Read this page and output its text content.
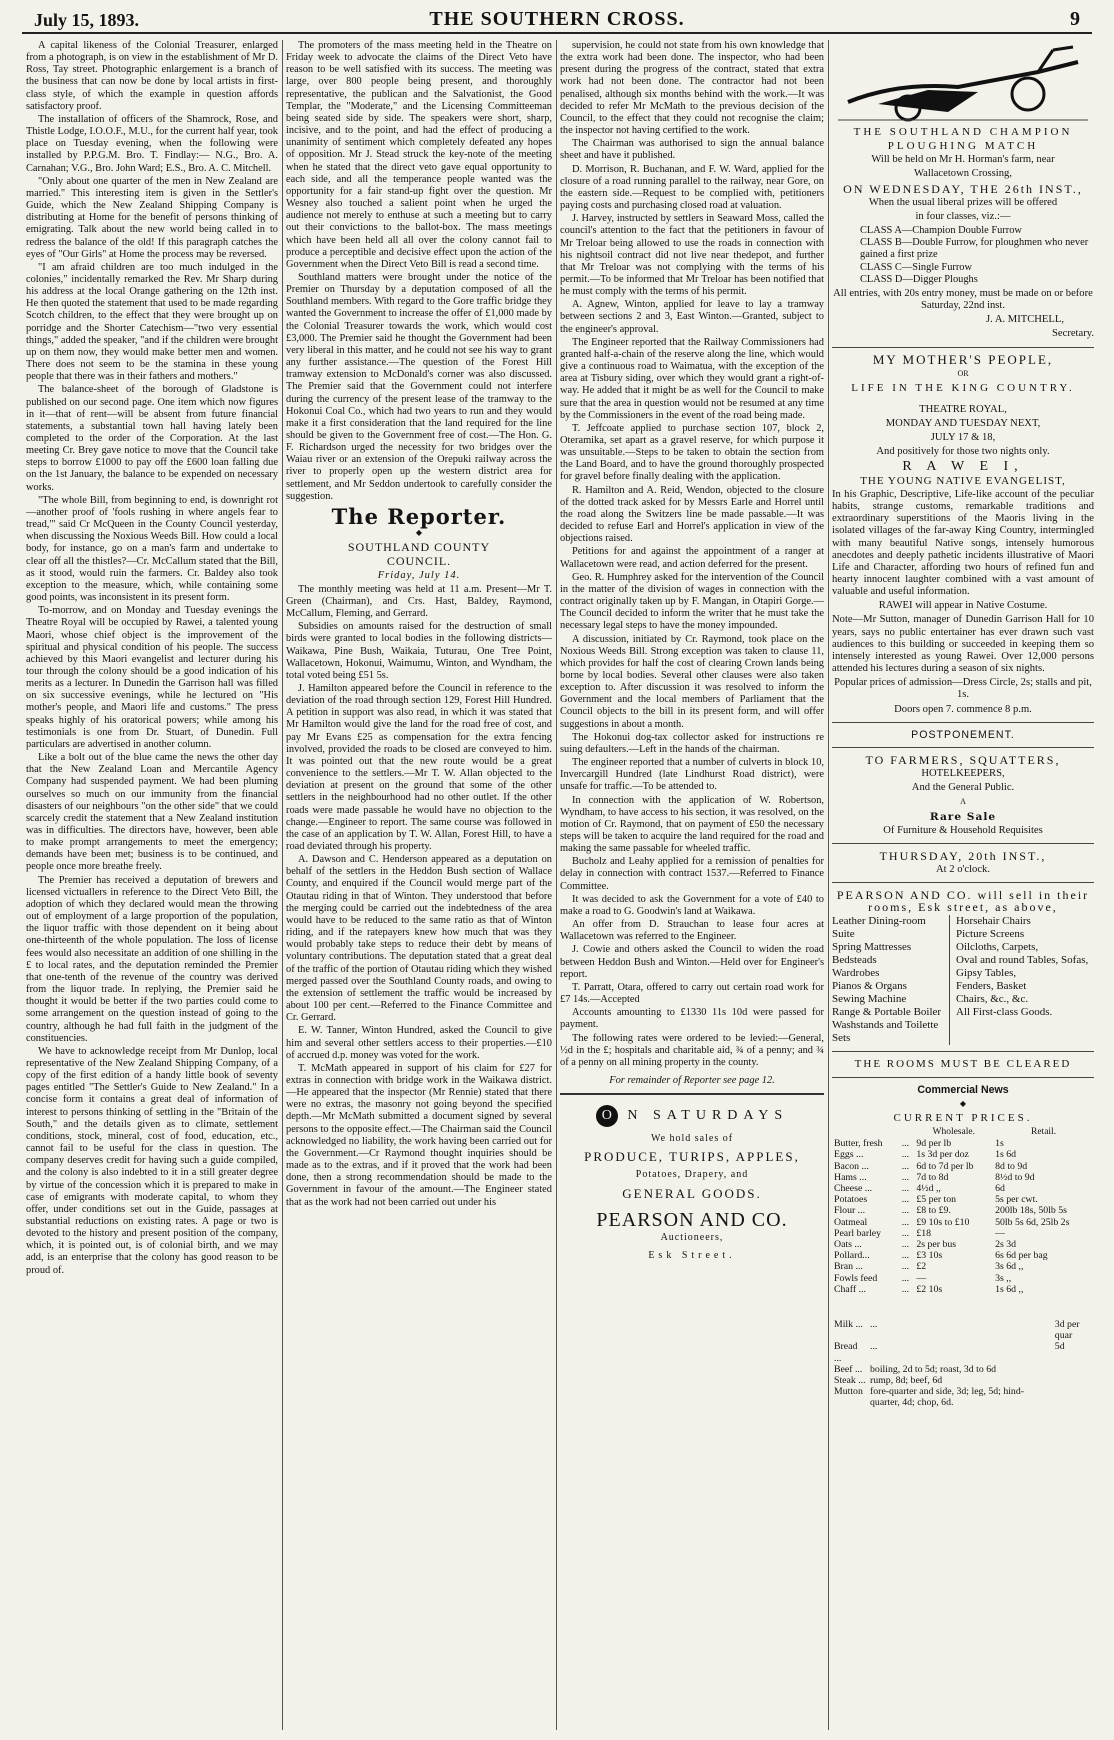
July 15, 1893.	THE SOUTHERN CROSS.	9

A capital likeness of the Colonial Treasurer, enlarged from a photograph, is on view in the establishment of Mr D. Ross, Tay street. Photographic enlargement is a branch of the business that can now be done by local artists in first-class style, of which the example in question affords satisfactory proof.

The installation of officers of the Shamrock, Rose, and Thistle Lodge, I.O.O.F., M.U., for the current half year, took place on Tuesday evening, when the following were installed by P.P.G.M. Bro. T. Findlay:— N.G., Bro. A. Carnahan; V.G., Bro. John Ward; E.S., Bro. A. C. Mitchell.

"Only about one quarter of the men in New Zealand are married." This interesting item is given in the Settler's Guide, which the New Zealand Shipping Company is distributing at Home for the benefit of persons thinking of emigrating. Talk about the new world being called in to redress the balance of the old! If this paragraph catches the eyes of "Our Girls" at Home the process may be reversed.

"I am afraid children are too much indulged in the colonies," incidentally remarked the Rev. Mr Sharp during his address at the local Orange gathering on the 12th inst. He then quoted the statement that used to be made regarding Scotch children, to the effect that they were brought up on porridge and the Shorter Catechism—"two very essential things," added the speaker, "and if the children were brought up on them now, they would make better men and women. There does not seem to be the stamina in these young people that there was in their fathers and mothers."

The balance-sheet of the borough of Gladstone is published on our second page. One item which now figures in it—that of rent—will be absent from future financial statements, a substantial town hall having lately been completed to the order of the Corporation. At the last meeting Cr. Brey gave notice to move that the Council take steps to borrow £1000 to pay off the £600 loan falling due on the 1st January, the balance to be expended on necessary works.

"The whole Bill, from beginning to end, is downright rot—another proof of 'fools rushing in where angels fear to tread,'" said Cr McQueen in the County Council yesterday, when discussing the Noxious Weeds Bill. How could a local body, for instance, go on a man's farm and undertake to clear off all the thistles?—Cr. McCallum stated that the Bill, as it stood, would ruin the farmers. Cr. Baldey also took exception to the measure, which, while containing some good points, was inconsistent in its present form.

To-morrow, and on Monday and Tuesday evenings the Theatre Royal will be occupied by Rawei, a talented young Maori, whose chief object is the improvement of the spiritual and physical condition of his people. The success achieved by this Maori evangelist and lecturer during his tour through the colony should be a good indication of his merits as a lecturer. In Dunedin the Garrison hall was filled on six successive evenings, while he lectured on "His mother's people, and Maori life and customs." The press speaks highly of his oratorical powers; while among his testimonials is one from Dr. Stuart, of Dunedin. Full particulars are advertised in another column.

Like a bolt out of the blue came the news the other day that the New Zealand Loan and Mercantile Agency Company had suspended payment. We had been pluming ourselves so much on our immunity from the financial disasters of our neighbours "on the other side" that we could scarcely credit the statement that a New Zealand institution was in difficulties. The directors have, however, been able to make prompt arrangements to meet the emergency; demands have been met; business is to be continued, and people once more breathe freely.

The Premier has received a deputation of brewers and licensed victuallers in reference to the Direct Veto Bill, the adoption of which they declared would mean the throwing out of employment of a large proportion of the population, the liquor traffic with those dependent on it being about one-thirteenth of the whole population. The loss of license fees would also necessitate an addition of one shilling in the £ to local rates, and the deputation reminded the Premier that one-tenth of the revenue of the country was derived from the liquor trade. In replying, the Premier said he thought it would be better if the two parties could come to some arrangement on the question instead of going to the country, although he had full faith in the judgment of the constituencies.

We have to acknowledge receipt from Mr Dunlop, local representative of the New Zealand Shipping Company, of a copy of the first edition of a handy little book of seventy pages entitled "The Settler's Guide to New Zealand." In a concise form it contains a great deal of information of interest to persons thinking of settling in the "Britain of the South," and the details given as to climate, settlement conditions, stock, mineral, cost of food, education, etc., cannot fail to be useful for the class in question. The company deserves credit for having such a guide compiled, and the colony is also indebted to it in a still greater degree by virtue of the concession which it is prepared to make in case of emigrants with moderate capital, to whom they offer, under conditions set out in the Guide, passages at substantial reductions on existing rates. A page or two is devoted to the history and present position of the company, which, it is pointed out, is of colonial birth, and we may add, is an enterprise that the colony has good reason to be proud of.

The promoters of the mass meeting held in the Theatre on Friday week to advocate the claims of the Direct Veto have reason to be well satisfied with its success. The meeting was large, over 800 people being present, and thoroughly representative, the publican and the Salvationist, the Good Templar, the "Moderate," and the Licensing Committeeman being seated side by side. The speakers were short, sharp, incisive, and to the point, and had the effect of producing a unanimity of sentiment which completely defeated any hopes of opposition. Mr J. Stead struck the key-note of the meeting when he stated that the direct veto gave equal opportunity to each side, and all the temperance people wanted was the opportunity for a fair stand-up fight over the question. Mr Wesney also touched a salient point when he urged the audience not merely to enthuse at such a meeting but to carry out their convictions to the ballot-box. The mass meetings which have been held all all over the colony cannot fail to produce a perceptible and decisive effect upon the action of the Government when the Direct Veto Bill is read a second time.

Southland matters were brought under the notice of the Premier on Thursday by a deputation composed of all the Southland members. With regard to the Gore traffic bridge they wanted the Government to increase the offer of £1,000 made by the Colonial Treasurer towards the work, which would cost £3,000. The Premier said he thought the Government had been very liberal in this matter, and he could not see his way to grant any further assistance.—The question of the Forest Hill tramway extension to McDonald's corner was also discussed. The Premier said that the Government could not interfere during the currency of the present lease of the tramway to the Hokonui Coal Co., which had two years to run and they would make it a first consideration that the land required for the line should be given to the Government free of cost.—The Hon. G. F. Richardson urged the necessity for two bridges over the Waiau river or an extension of the Orepuki railway across the river to properly open up the western district area for settlement, and Mr Seddon undertook to carefully consider the suggestion.

The Reporter.
◆
SOUTHLAND COUNTY
COUNCIL.
Friday, July 14.

The monthly meeting was held at 11 a.m. Present—Mr T. Green (Chairman), and Crs. Hast, Baldey, Raymond, McCallum, Fleming, and Gerrard.

Subsidies on amounts raised for the destruction of small birds were granted to local bodies in the following districts—Waikawa, Pine Bush, Waikaia, Tuturau, One Tree Point, Wallacetown, Hokonui, Waimumu, Winton, and Wyndham, the total voted being £51 5s.

J. Hamilton appeared before the Council in reference to the deviation of the road through section 129, Forest Hill Hundred. A petition in support was also read, in which it was stated that Mr Hamilton would give the land for the road free of cost, and pay Mr Evans £25 as compensation for the extra fencing involved, provided the roads to be closed are conveyed to him. It was pointed out that the new route would be a great convenience to the settlers.—Mr T. W. Allan objected to the deviation at present on the ground that some of the other settlers in the neighbourhood had no other outlet. If the other roads were made passable he would have no objection to the change.—Engineer to report. The same course was followed in the case of an application by T. W. Allan, Forest Hill, to have a road deviated through his property.

A. Dawson and C. Henderson appeared as a deputation on behalf of the settlers in the Heddon Bush section of Wallace County, and enquired if the Council would merge part of the Otautau riding in that of Winton. They understood that before the merging could be carried out the indebtedness of the area would have to be reduced to the same ratio as that of Winton riding, and if the ratepayers knew how much that was they would probably take steps to reduce their debt by means of voluntary contributions. The deputation stated that a great deal of the traffic of the portion of Otautau riding which they wished merged passed over the Southland County roads, and owing to the extension of settlement the traffic would be increased by about 100 per cent.—Referred to the Finance Committee and Cr. Gerrard.

E. W. Tanner, Winton Hundred, asked the Council to give him and several other settlers access to their properties.—£10 of accrued d.p. money was voted for the work.

T. McMath appeared in support of his claim for £27 for extras in connection with bridge work in the Waikawa district.—He appeared that the inspector (Mr Rennie) stated that there were no extras, the masonry not going beyond the specified depth.—Mr McMath submitted a document signed by several persons to the opposite effect.—The Chairman said the Council acknowledged no liability, the work having been carried out for the Government.—Cr Raymond thought inquiries should be made as to the extras, and if it proved that the work had been done, then a strong recommendation should be made to the Government in favour of the amount.—The Engineer stated that as the work had not been carried out under his

supervision, he could not state from his own knowledge that the extra work had been done. The inspector, who had been present during the progress of the contract, stated that extra work had not been done. The contractor had not been penalised, although six months behind with the work.—It was decided to refer Mr McMath to the previous decision of the Council, to the effect that they could not recognise the claim; the inspector not having certified to the work.

The Chairman was authorised to sign the annual balance sheet and have it published.

D. Morrison, R. Buchanan, and F. W. Ward, applied for the closure of a road running parallel to the railway, near Gore, on the eastern side.—Request to be complied with, petitioners paying costs and purchasing closed road at valuation.

J. Harvey, instructed by settlers in Seaward Moss, called the council's attention to the fact that the petitioners in favour of Mr Treloar being allowed to use the roads in connection with his nightsoil contract did not live near thedepot, and further that Mr Treloar was not complying with the terms of his permit.—To be informed that Mr Treloar has been notified that he must comply with the terms of his permit.

A. Agnew, Winton, applied for leave to lay a tramway between sections 2 and 3, East Winton.—Granted, subject to the engineer's approval.

The Engineer reported that the Railway Commissioners had granted half-a-chain of the reserve along the line, which would give a continuous road to Waimatua, with the exception of the area at Tisbury siding, over which they would grant a right-of-way. He added that it might be as well for the Council to make sure that the area in question would not be resumed at any time by the Commissioners in the event of the road being made.

T. Jeffcoate applied to purchase section 107, block 2, Oteramika, set apart as a gravel reserve, for which purpose it was unsuitable.—Steps to be taken to obtain the section from the Land Board, and to have the ground thoroughly prospected for gravel before finally dealing with the application.

R. Hamilton and A. Reid, Wendon, objected to the closure of the dotted track asked for by Messrs Earle and Horrel until the road along the Switzers line be made passable.—It was decided to refuse Earl and Horrel's application in view of the objections raised.

Petitions for and against the appointment of a ranger at Wallacetown were read, and action deferred for the present.

Geo. R. Humphrey asked for the intervention of the Council in the matter of the division of wages in connection with the contract originally taken up by F. Mangan, in Otapiri Gorge.—The Council decided to inform the writer that he must take the necessary legal steps to have the money impounded.

A discussion, initiated by Cr. Raymond, took place on the Noxious Weeds Bill. Strong exception was taken to clause 11, which provides for half the cost of clearing Crown lands being borne by local bodies. Several other clauses were also taken exception to. After discussion it was resolved to inform the Government and the local members of Parliament that the Council objects to the bill in its present form, and will offer suggestions in about a month.

The Hokonui dog-tax collector asked for instructions re suing defaulters.—Left in the hands of the chairman.

The engineer reported that a number of culverts in block 10, Invercargill Hundred (late Lindhurst Road district), were unsafe for traffic.—To be attended to.

In connection with the application of W. Robertson, Wyndham, to have access to his section, it was resolved, on the motion of Cr. Raymond, that on payment of £50 the necessary steps will be taken to acquire the land required for the road and making the same passable for wheeled traffic.

Bucholz and Leahy applied for a remission of penalties for delay in connection with contract 1537.—Referred to Finance Committee.

It was decided to ask the Government for a vote of £40 to make a road to G. Goodwin's land at Waikawa.

An offer from D. Strauchan to lease four acres at Wallacetown was referred to the Engineer.

J. Cowie and others asked the Council to widen the road between Heddon Bush and Winton.—Held over for Engineer's report.

T. Parratt, Otara, offered to carry out certain road work for £7 14s.—Accepted

Accounts amounting to £1330 11s 10d were passed for payment.

The following rates were ordered to be levied:—General, ½d in the £; hospitals and charitable aid, ¾ of a penny; and ¾ of a penny on all mining property in the county.

For remainder of Reporter see page 12.

O N SATURDAYS
We hold sales of
PRODUCE, TURIPS, APPLES,
Potatoes, Drapery, and
GENERAL GOODS.
PEARSON AND CO.
Auctioneers,
Esk Street.

THE SOUTHLAND CHAMPION

PLOUGHING MATCH

Will be held on Mr H. Horman's farm, near

Wallacetown Crossing,

ON WEDNESDAY, THE 26th INST.,

When the usual liberal prizes will be offered

in four classes, viz.:—

CLASS A—Champion Double Furrow
CLASS B—Double Furrow, for ploughmen who never gained a first prize
CLASS C—Single Furrow
CLASS D—Digger Ploughs

All entries, with 20s entry money, must be made on or before Saturday, 22nd inst.

J. A. MITCHELL,

Secretary.

MY MOTHER'S PEOPLE,

OR

LIFE IN THE KING COUNTRY.

THEATRE ROYAL,

MONDAY AND TUESDAY NEXT,

JULY 17 & 18,

And positively for those two nights only.

R A W E I,

THE YOUNG NATIVE EVANGELIST,

In his Graphic, Descriptive, Life-like account of the peculiar habits, strange customs, remarkable traditions and extraordinary superstitions of the Maoris living in the isolated villages of the far-away King Country, intermingled with many beautiful Native songs, intensely humorous anecdotes and deeply pathetic incidents illustrative of Maori Life and Character, affording two hours of refined fun and hearty innocent laughter combined with a vast amount of valuable and useful information.

RAWEI will appear in Native Costume.

Note—Mr Sutton, manager of Dunedin Garrison Hall for 10 years, says no public entertainer has ever drawn such vast audiences to this building or succeeded in keeping them so intensely interested as young Rawei. Over 12,000 persons attended his lectures during a season of six nights.

Popular prices of admission—Dress Circle, 2s; stalls and pit, 1s.

Doors open 7. commence 8 p.m.

POSTPONEMENT.

TO FARMERS, SQUATTERS,

HOTELKEEPERS,

And the General Public.

A

Rare Sale

Of Furniture & Household Requisites

THURSDAY, 20th INST.,

At 2 o'clock.

PEARSON AND CO. will sell in their rooms, Esk street, as above,

Leather Dining-room Suite
Spring Mattresses
Bedsteads
Wardrobes
Pianos & Organs
Sewing Machine
Range & Portable Boiler
Washstands and Toilette Sets
Horsehair Chairs
Picture Screens
Oilcloths, Carpets,
Oval and round Tables, Sofas,
Gipsy Tables,
Fenders, Basket
Chairs, &c., &c.
All First-class Goods.

THE ROOMS MUST BE CLEARED

Commercial News

◆

CURRENT PRICES.

		Wholesale.	Retail.
Butter, fresh	...	9d per lb	1s
Eggs ...	...	1s 3d per doz	1s 6d
Bacon ...	...	6d to 7d per lb	8d to 9d
Hams ...	...	7d to 8d	8½d to 9d
Cheese ...	...	4½d ,,	6d
Potatoes	...	£5 per ton	5s per cwt.
Flour ...	...	£8 to £9.	200lb 18s, 50lb 5s
Oatmeal	...	£9 10s to £10	50lb 5s 6d, 25lb 2s
Pearl barley	...	£18	—
Oats ...	...	2s per bus	2s 3d
Pollard...	...	£3 10s	6s 6d per bag
Bran ...	...	£2	3s 6d ,,
Fowls feed	...	—	3s ,,
Chaff ...	...	£2 10s	1s 6d ,,
Milk ...	...	3d per quar
Bread ...	...	5d
Beef ...	boiling, 2d to 5d; roast, 3d to 6d	
Steak ...	rump, 8d; beef, 6d	
Mutton	fore-quarter and side, 3d; leg, 5d; hind-quarter, 4d; chop, 6d.	
